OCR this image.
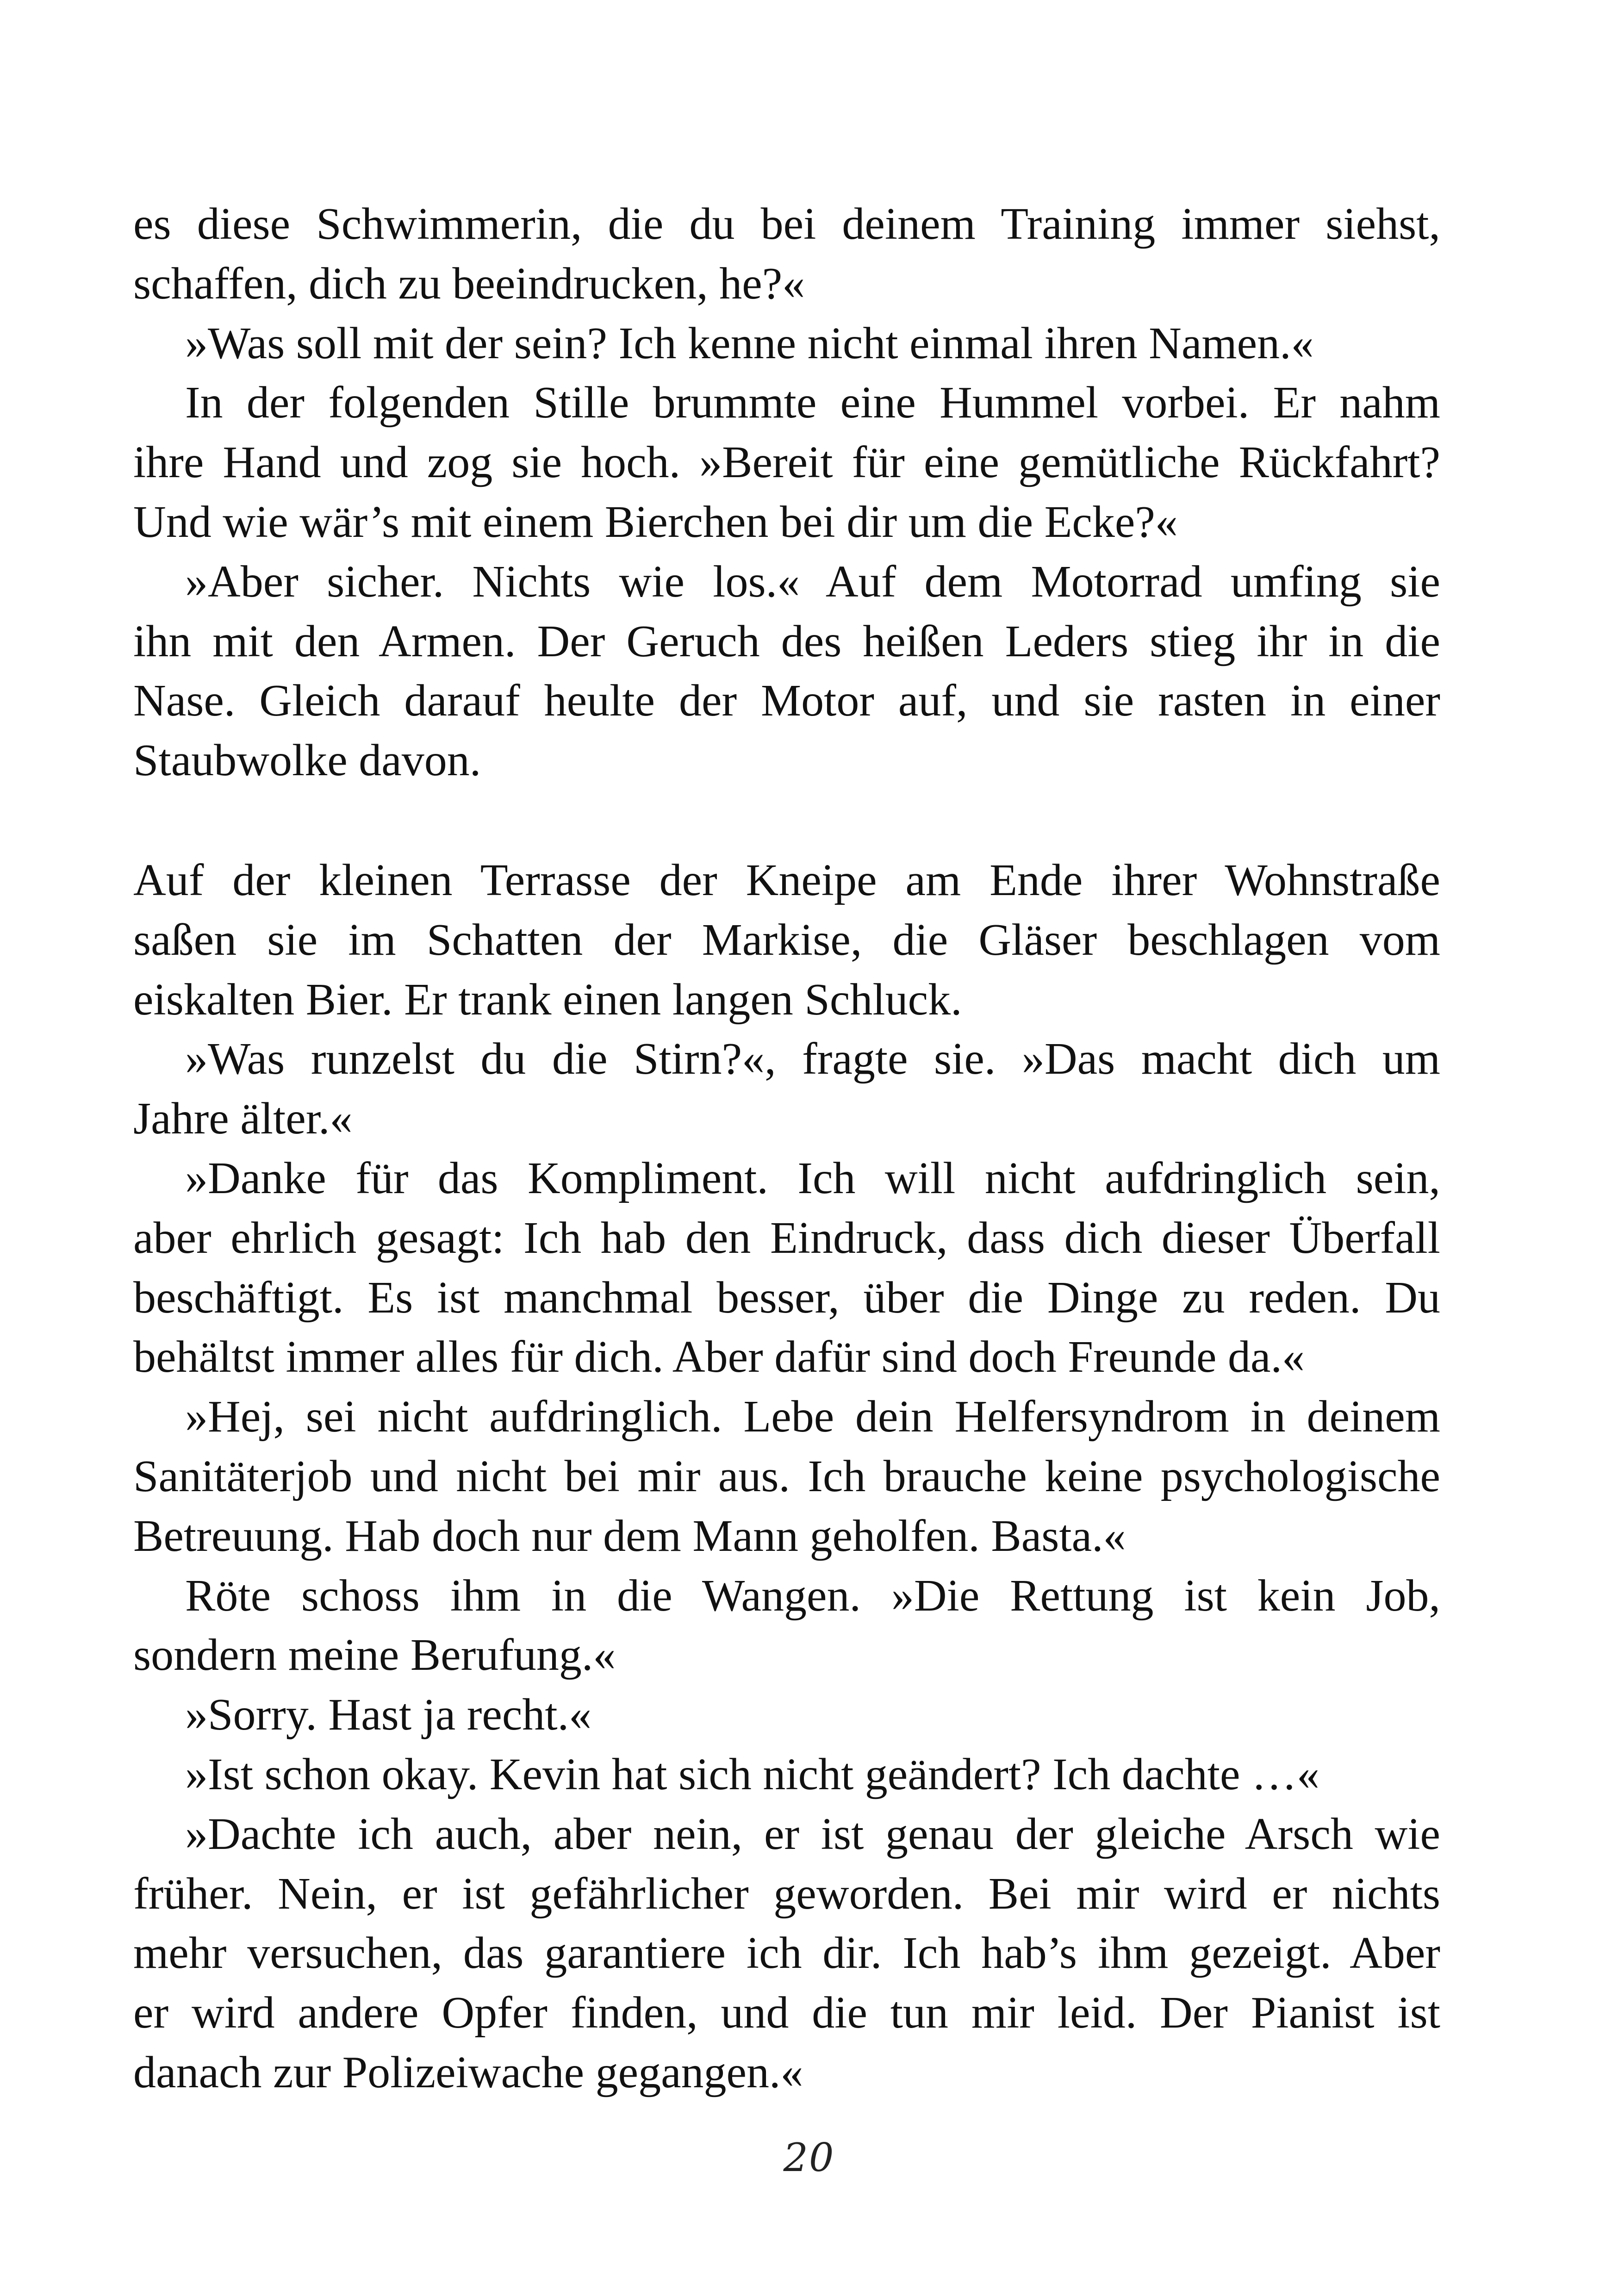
es diese Schwimmerin, die du bei deinem Training immer siehst,
schaffen, dich zu beeindrucken, he?«
»Was soll mit der sein? Ich kenne nicht einmal ihren Namen.«
In der folgenden Stille brummte eine Hummel vorbei. Er nahm
ihre Hand und zog sie hoch. »Bereit für eine gemütliche Rückfahrt?
Und wie wär’s mit einem Bierchen bei dir um die Ecke?«
»Aber sicher. Nichts wie los.« Auf dem Motorrad umfing sie
ihn mit den Armen. Der Geruch des heißen Leders stieg ihr in die
Nase. Gleich darauf heulte der Motor auf, und sie rasten in einer
Staubwolke davon.
Auf der kleinen Terrasse der Kneipe am Ende ihrer Wohnstraße
saßen sie im Schatten der Markise, die Gläser beschlagen vom
eiskalten Bier. Er trank einen langen Schluck.
»Was runzelst du die Stirn?«, fragte sie. »Das macht dich um
Jahre älter.«
»Danke für das Kompliment. Ich will nicht aufdringlich sein,
aber ehrlich gesagt: Ich hab den Eindruck, dass dich dieser Überfall
beschäftigt. Es ist manchmal besser, über die Dinge zu reden. Du
behältst immer alles für dich. Aber dafür sind doch Freunde da.«
»Hej, sei nicht aufdringlich. Lebe dein Helfersyndrom in deinem
Sanitäterjob und nicht bei mir aus. Ich brauche keine psychologische
Betreuung. Hab doch nur dem Mann geholfen. Basta.«
Röte schoss ihm in die Wangen. »Die Rettung ist kein Job,
sondern meine Berufung.«
»Sorry. Hast ja recht.«
»Ist schon okay. Kevin hat sich nicht geändert? Ich dachte …«
»Dachte ich auch, aber nein, er ist genau der gleiche Arsch wie
früher. Nein, er ist gefährlicher geworden. Bei mir wird er nichts
mehr versuchen, das garantiere ich dir. Ich hab’s ihm gezeigt. Aber
er wird andere Opfer finden, und die tun mir leid. Der Pianist ist
danach zur Polizeiwache gegangen.«
20
